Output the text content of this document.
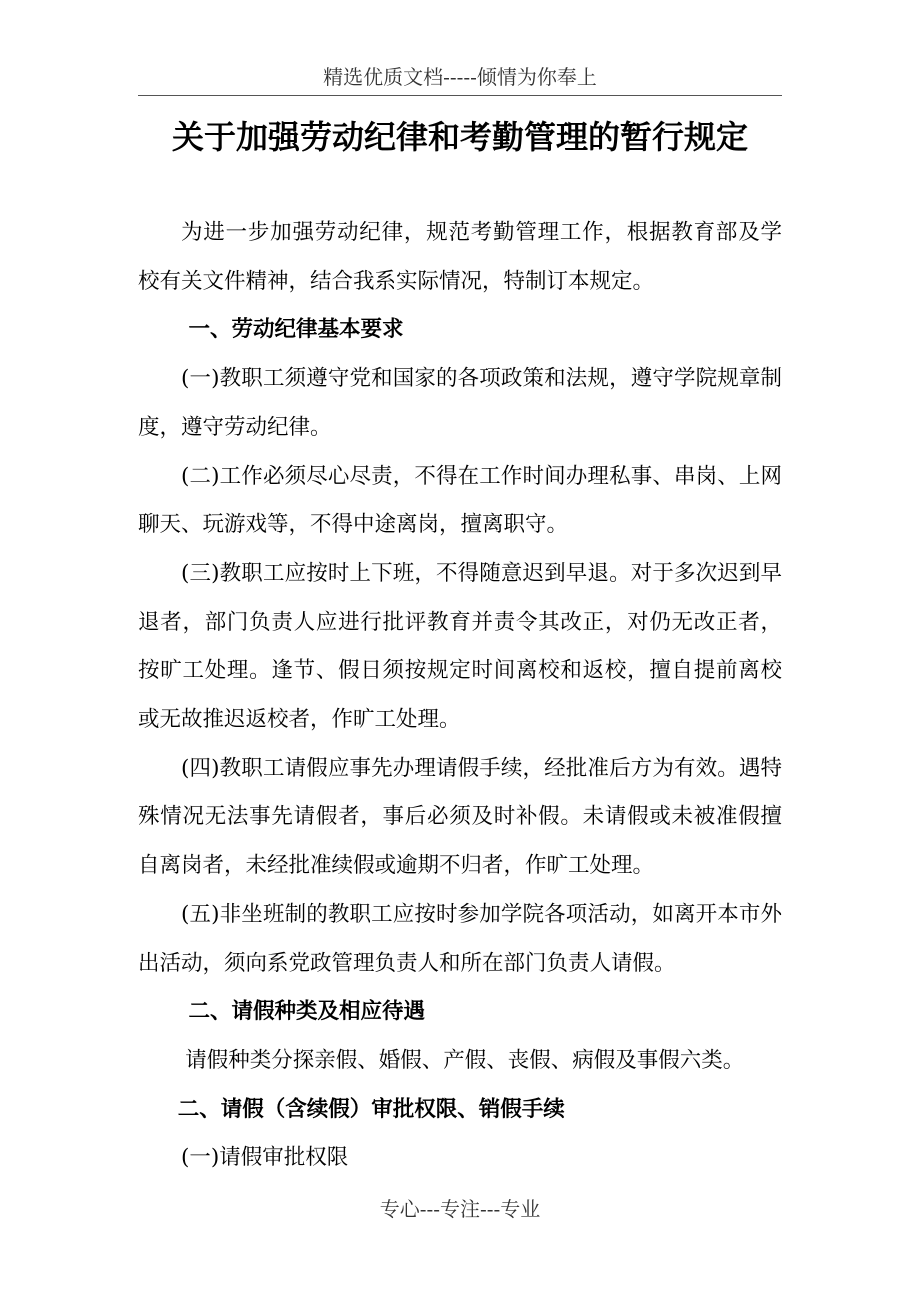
精选优质文档-----倾情为你奉上
关于加强劳动纪律和考勤管理的暂行规定

为进一步加强劳动纪律，规范考勤管理工作，根据教育部及学校有关文件精神，结合我系实际情况，特制订本规定。

一、劳动纪律基本要求

(一)教职工须遵守党和国家的各项政策和法规，遵守学院规章制度，遵守劳动纪律。

(二)工作必须尽心尽责，不得在工作时间办理私事、串岗、上网聊天、玩游戏等，不得中途离岗，擅离职守。

(三)教职工应按时上下班，不得随意迟到早退。对于多次迟到早退者，部门负责人应进行批评教育并责令其改正，对仍无改正者，按旷工处理。逢节、假日须按规定时间离校和返校，擅自提前离校或无故推迟返校者，作旷工处理。

(四)教职工请假应事先办理请假手续，经批准后方为有效。遇特殊情况无法事先请假者，事后必须及时补假。未请假或未被准假擅自离岗者，未经批准续假或逾期不归者，作旷工处理。

(五)非坐班制的教职工应按时参加学院各项活动，如离开本市外出活动，须向系党政管理负责人和所在部门负责人请假。

二、请假种类及相应待遇

请假种类分探亲假、婚假、产假、丧假、病假及事假六类。

二、请假（含续假）审批权限、销假手续

(一)请假审批权限

专心---专注---专业
